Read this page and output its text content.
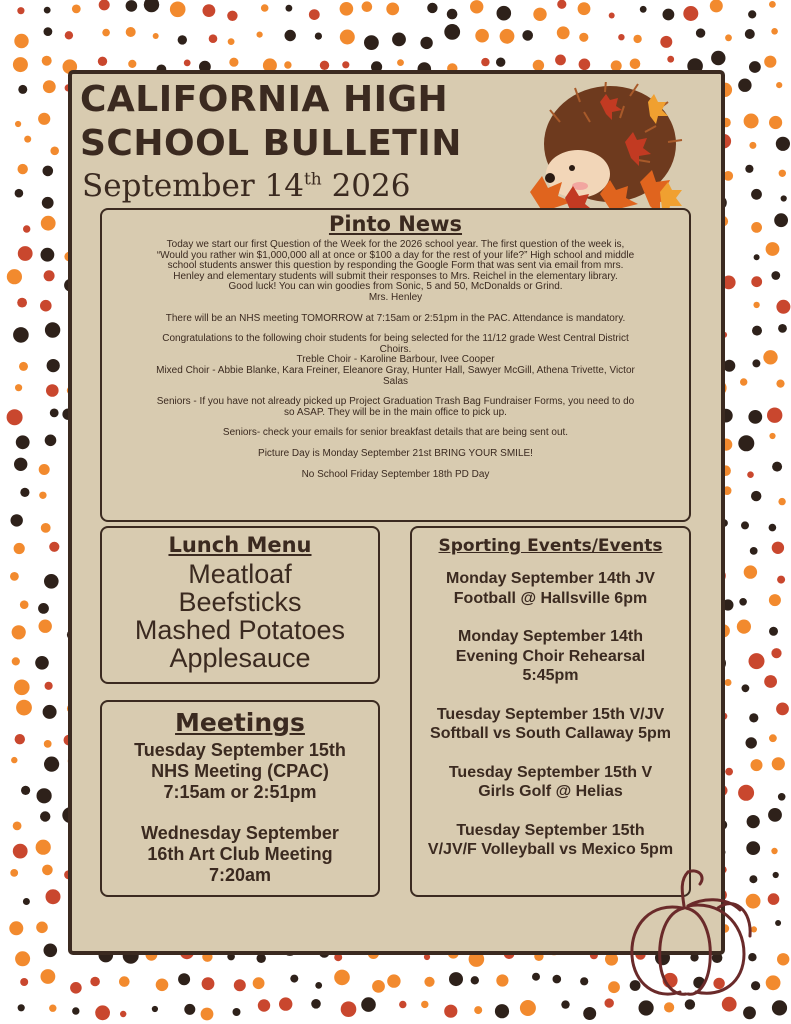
CALIFORNIA HIGH
SCHOOL BULLETIN
September 14th 2026
Pinto News

Today we start our first Question of the Week for the 2026 school year. The first question of the week is,

“Would you rather win $1,000,000 all at once or $100 a day for the rest of your life?” High school and middle

school students answer this question by responding the Google Form that was sent via email from mrs.

Henley and elementary students will submit their responses to Mrs. Reichel in the elementary library.

Good luck! You can win goodies from Sonic, 5 and 50, McDonalds or Grind.

Mrs. Henley

There will be an NHS meeting TOMORROW at 7:15am or 2:51pm in the PAC. Attendance is mandatory.

Congratulations to the following choir students for being selected for the 11/12 grade West Central District

Choirs.

Treble Choir - Karoline Barbour, Ivee Cooper

Mixed Choir - Abbie Blanke, Kara Freiner, Eleanore Gray, Hunter Hall, Sawyer McGill, Athena Trivette, Victor

Salas

Seniors - If you have not already picked up Project Graduation Trash Bag Fundraiser Forms, you need to do

so ASAP. They will be in the main office to pick up.

Seniors- check your emails for senior breakfast details that are being sent out.

Picture Day is Monday September 21st BRING YOUR SMILE!

No School Friday September 18th PD Day

Lunch Menu

Meatloaf

Beefsticks

Mashed Potatoes

Applesauce

Meetings

Tuesday September 15th

NHS Meeting (CPAC)

7:15am or 2:51pm

Wednesday September

16th Art Club Meeting

7:20am

Sporting Events/Events

Monday September 14th JV

Football @ Hallsville 6pm

Monday September 14th

Evening Choir Rehearsal

5:45pm

Tuesday September 15th V/JV

Softball vs South Callaway 5pm

Tuesday September 15th V

Girls Golf @ Helias

Tuesday September 15th

V/JV/F Volleyball vs Mexico 5pm
